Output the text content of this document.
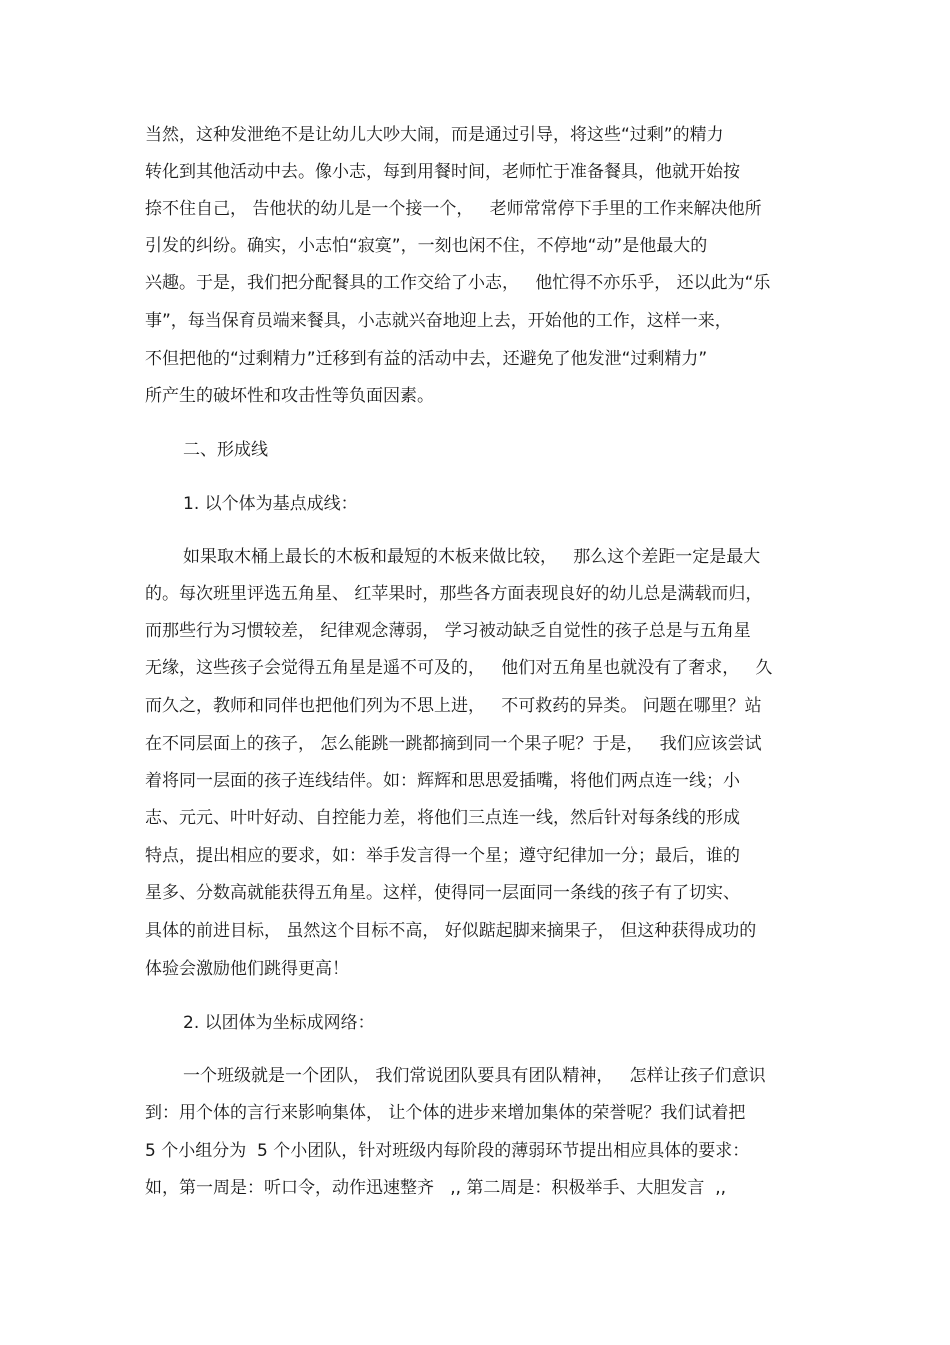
当然，这种发泄绝不是让幼儿大吵大闹，而是通过引导，将这些“过剩”的精力
转化到其他活动中去。像小志，每到用餐时间，老师忙于准备餐具，他就开始按
捺不住自己， 告他状的幼儿是一个接一个，   老师常常停下手里的工作来解决他所
引发的纠纷。确实，小志怕“寂寞”，一刻也闲不住，不停地“动”是他最大的
兴趣。于是，我们把分配餐具的工作交给了小志，   他忙得不亦乐乎， 还以此为“乐
事”，每当保育员端来餐具，小志就兴奋地迎上去，开始他的工作，这样一来，
不但把他的“过剩精力”迁移到有益的活动中去，还避免了他发泄“过剩精力”
所产生的破坏性和攻击性等负面因素。
二、形成线
1. 以个体为基点成线：
如果取木桶上最长的木板和最短的木板来做比较，   那么这个差距一定是最大
的。每次班里评选五角星、 红苹果时，那些各方面表现良好的幼儿总是满载而归，
而那些行为习惯较差， 纪律观念薄弱， 学习被动缺乏自觉性的孩子总是与五角星
无缘，这些孩子会觉得五角星是遥不可及的，   他们对五角星也就没有了奢求，   久
而久之，教师和同伴也把他们列为不思上进，   不可救药的异类。 问题在哪里？站
在不同层面上的孩子， 怎么能跳一跳都摘到同一个果子呢？于是，   我们应该尝试
着将同一层面的孩子连线结伴。如：辉辉和思思爱插嘴，将他们两点连一线；小
志、元元、叶叶好动、自控能力差，将他们三点连一线，然后针对每条线的形成
特点，提出相应的要求，如：举手发言得一个星；遵守纪律加一分；最后，谁的
星多、分数高就能获得五角星。这样，使得同一层面同一条线的孩子有了切实、
具体的前进目标， 虽然这个目标不高， 好似踮起脚来摘果子， 但这种获得成功的
体验会激励他们跳得更高！
2. 以团体为坐标成网络：
一个班级就是一个团队， 我们常说团队要具有团队精神，   怎样让孩子们意识
到：用个体的言行来影响集体， 让个体的进步来增加集体的荣誉呢？我们试着把
5 个小组分为  5 个小团队，针对班级内每阶段的薄弱环节提出相应具体的要求：
如，第一周是：听口令，动作迅速整齐   ,, 第二周是：积极举手、大胆发言  ,,
